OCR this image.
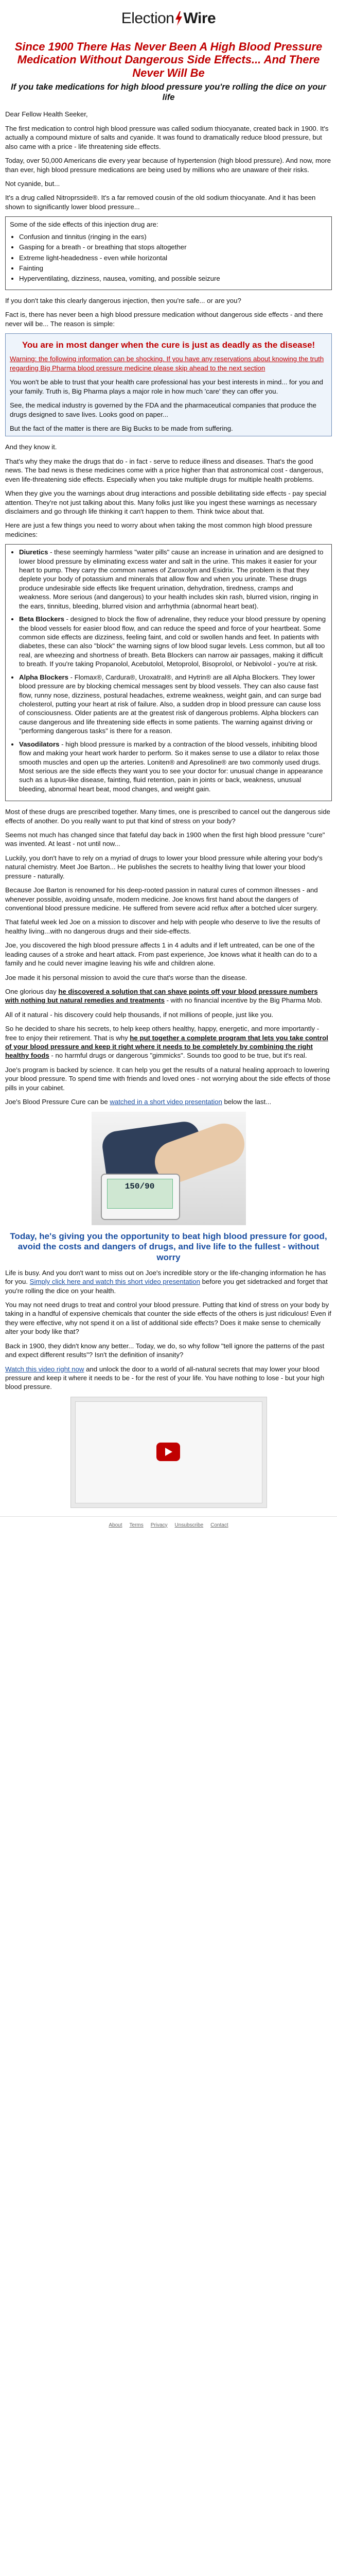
Election Wire
Since 1900 There Has Never Been A High Blood Pressure Medication Without Dangerous Side Effects... And There Never Will Be
If you take medications for high blood pressure you're rolling the dice on your life

Dear Fellow Health Seeker,

The first medication to control high blood pressure was called sodium thiocyanate, created back in 1900. It's actually a compound mixture of salts and cyanide. It was found to dramatically reduce blood pressure, but also came with a price - life threatening side effects.

Today, over 50,000 Americans die every year because of hypertension (high blood pressure). And now, more than ever, high blood pressure medications are being used by millions who are unaware of their risks.

Not cyanide, but...

It's a drug called Nitroprsside®. It's a far removed cousin of the old sodium thiocyanate. And it has been shown to significantly lower blood pressure...

Some of the side effects of this injection drug are:

• Confusion and tinnitus (ringing in the ears)
• Gasping for a breath - or breathing that stops altogether
• Extreme light-headedness - even while horizontal
• Fainting
• Hyperventilating, dizziness, nausea, vomiting, and possible seizure

If you don't take this clearly dangerous injection, then you're safe... or are you?

Fact is, there has never been a high blood pressure medication without dangerous side effects - and there never will be... The reason is simple:

You are in most danger when the cure is just as deadly as the disease!

Warning: the following information can be shocking. If you have any reservations about knowing the truth regarding Big Pharma blood pressure medicine please skip ahead to the next section

You won't be able to trust that your health care professional has your best interests in mind... for you and your family. Truth is, Big Pharma plays a major role in how much 'care' they can offer you.

See, the medical industry is governed by the FDA and the pharmaceutical companies that produce the drugs designed to save lives. Looks good on paper...

But the fact of the matter is there are Big Bucks to be made from suffering.

And they know it.

That's why they make the drugs that do - in fact - serve to reduce illness and diseases. That's the good news. The bad news is these medicines come with a price higher than that astronomical cost - dangerous, even life-threatening side effects. Especially when you take multiple drugs for multiple health problems.

When they give you the warnings about drug interactions and possible debilitating side effects - pay special attention. They're not just talking about this. Many folks just like you ingest these warnings as necessary disclaimers and go through life thinking it can't happen to them. Think twice about that.

Here are just a few things you need to worry about when taking the most common high blood pressure medicines:

• Diuretics - these seemingly harmless "water pills" cause an increase in urination and are designed to lower blood pressure by eliminating excess water and salt in the urine. This makes it easier for your heart to pump. They carry the common names of Zaroxolyn and Esidrix. The problem is that they deplete your body of potassium and minerals that allow flow and when you urinate. These drugs produce undesirable side effects like frequent urination, dehydration, tiredness, cramps and weakness. More serious (and dangerous) to your health includes skin rash, blurred vision, ringing in the ears, tinnitus, bleeding, blurred vision and arrhythmia (abnormal heart beat).
• Beta Blockers - designed to block the flow of adrenaline, they reduce your blood pressure by opening the blood vessels for easier blood flow, and can reduce the speed and force of your heartbeat. Some common side effects are dizziness, feeling faint, and cold or swollen hands and feet. In patients with diabetes, these can also "block" the warning signs of low blood sugar levels. Less common, but all too real, are wheezing and shortness of breath. Beta Blockers can narrow air passages, making it difficult to breath. If you're taking Propanolol, Acebutolol, Metoprolol, Bisoprolol, or Nebivolol - you're at risk.
• Alpha Blockers - Flomax®, Cardura®, Uroxatral®, and Hytrin® are all Alpha Blockers. They lower blood pressure are by blocking chemical messages sent by blood vessels. They can also cause fast flow, runny nose, dizziness, postural headaches, extreme weakness, weight gain, and can surge bad cholesterol, putting your heart at risk of failure. Also, a sudden drop in blood pressure can cause loss of consciousness. Older patients are at the greatest risk of dangerous problems. Alpha blockers can cause dangerous and life threatening side effects in some patients. The warning against driving or "performing dangerous tasks" is there for a reason.
• Vasodilators - high blood pressure is marked by a contraction of the blood vessels, inhibiting blood flow and making your heart work harder to perform. So it makes sense to use a dilator to relax those smooth muscles and open up the arteries. Loniten® and Apresoline® are two commonly used drugs. Most serious are the side effects they want you to see your doctor for: unusual change in appearance such as a lupus-like disease, fainting, fluid retention, pain in joints or back, weakness, unusual bleeding, abnormal heart beat, mood changes, and weight gain.

Most of these drugs are prescribed together. Many times, one is prescribed to cancel out the dangerous side effects of another. Do you really want to put that kind of stress on your body?

Seems not much has changed since that fateful day back in 1900 when the first high blood pressure "cure" was invented. At least - not until now...

Luckily, you don't have to rely on a myriad of drugs to lower your blood pressure while altering your body's natural chemistry. Meet Joe Barton... He publishes the secrets to healthy living that lower your blood pressure - naturally.

Because Joe Barton is renowned for his deep-rooted passion in natural cures of common illnesses - and whenever possible, avoiding unsafe, modern medicine. Joe knows first hand about the dangers of conventional blood pressure medicine. He suffered from severe acid reflux after a botched ulcer surgery.

That fateful week led Joe on a mission to discover and help with people who deserve to live the results of healthy living...with no dangerous drugs and their side-effects.

Joe, you discovered the high blood pressure affects 1 in 4 adults and if left untreated, can be one of the leading causes of a stroke and heart attack. From past experience, Joe knows what it health can do to a family and he could never imagine leaving his wife and children alone.

Joe made it his personal mission to avoid the cure that's worse than the disease.

One glorious day he discovered a solution that can shave points off your blood pressure numbers with nothing but natural remedies and treatments - with no financial incentive by the Big Pharma Mob.

All of it natural - his discovery could help thousands, if not millions of people, just like you.

So he decided to share his secrets, to help keep others healthy, happy, energetic, and more importantly - free to enjoy their retirement. That is why he put together a complete program that lets you take control of your blood pressure and keep it right where it needs to be completely by combining the right healthy foods - no harmful drugs or dangerous "gimmicks". Sounds too good to be true, but it's real.

Joe's program is backed by science. It can help you get the results of a natural healing approach to lowering your blood pressure. To spend time with friends and loved ones - not worrying about the side effects of those pills in your cabinet.

Joe's Blood Pressure Cure can be watched in a short video presentation below the last...

150/90
Today, he's giving you the opportunity to beat high blood pressure for good, avoid the costs and dangers of drugs, and live life to the fullest - without worry

Life is busy. And you don't want to miss out on Joe's incredible story or the life-changing information he has for you. Simply click here and watch this short video presentation before you get sidetracked and forget that you're rolling the dice on your health.

You may not need drugs to treat and control your blood pressure. Putting that kind of stress on your body by taking in a handful of expensive chemicals that counter the side effects of the others is just ridiculous! Even if they were effective, why not spend it on a list of additional side effects? Does it make sense to chemically alter your body like that?

Back in 1900, they didn't know any better... Today, we do, so why follow "tell ignore the patterns of the past and expect different results"? Isn't the definition of insanity?

Watch this video right now and unlock the door to a world of all-natural secrets that may lower your blood pressure and keep it where it needs to be - for the rest of your life. You have nothing to lose - but your high blood pressure.

About Terms Privacy Unsubscribe Contact
